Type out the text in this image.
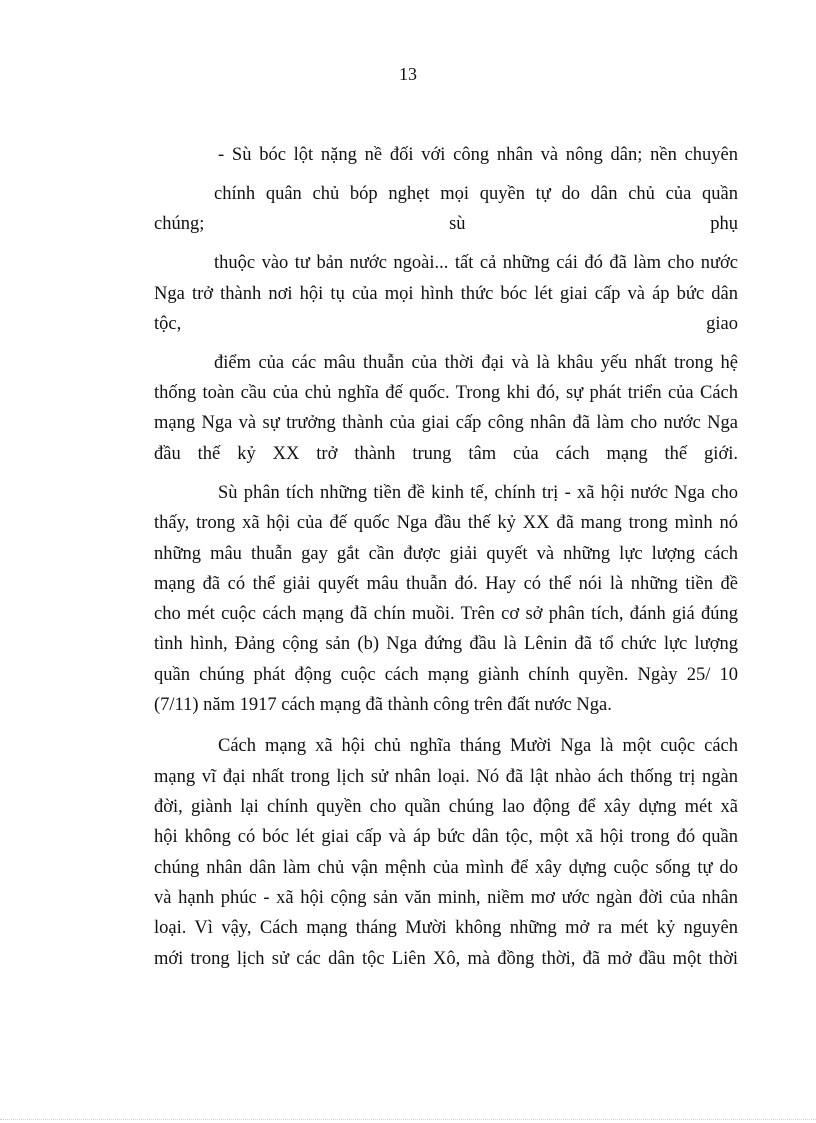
13
- Sù bóc lột nặng nề đối với công nhân và nông dân; nền chuyên
chính quân chủ bóp nghẹt mọi quyền tự do dân chủ của quần
chúng;	sù	phụ
thuộc vào tư bản nước ngoài... tất cả những cái đó đã làm cho nước
Nga trở thành nơi hội tụ của mọi hình thức bóc lét giai cấp và áp bức dân
tộc,	giao
điểm của các mâu thuẫn của thời đại và là khâu yếu nhất trong hệ
thống toàn cầu của chủ nghĩa đế quốc. Trong khi đó, sự phát triển của Cách
mạng Nga và sự trưởng thành của giai cấp công nhân đã làm cho nước Nga
đầu thế kỷ XX trở thành trung tâm của cách mạng thế giới.
Sù phân tích những tiền đề kinh tế, chính trị - xã hội nước Nga cho
thấy, trong xã hội của đế quốc Nga đầu thế kỷ XX đã mang trong mình nó
những mâu thuẫn gay gắt cần được giải quyết và những lực lượng cách
mạng đã có thể giải quyết mâu thuẫn đó. Hay có thể nói là những tiền đề
cho mét cuộc cách mạng đã chín muồi. Trên cơ sở phân tích, đánh giá đúng
tình hình, Đảng cộng sản (b) Nga đứng đầu là Lênin đã tổ chức lực lượng
quần chúng phát động cuộc cách mạng giành chính quyền. Ngày 25/ 10
(7/11) năm 1917 cách mạng đã thành công trên đất nước Nga.
Cách mạng xã hội chủ nghĩa tháng Mười Nga là một cuộc cách
mạng vĩ đại nhất trong lịch sử nhân loại. Nó đã lật nhào ách thống trị ngàn
đời, giành lại chính quyền cho quần chúng lao động để xây dựng mét xã
hội không có bóc lét giai cấp và áp bức dân tộc, một xã hội trong đó quần
chúng nhân dân làm chủ vận mệnh của mình để xây dựng cuộc sống tự do
và hạnh phúc - xã hội cộng sản văn minh, niềm mơ ước ngàn đời của nhân
loại. Vì vậy, Cách mạng tháng Mười không những mở ra mét kỷ nguyên
mới trong lịch sử các dân tộc Liên Xô, mà đồng thời, đã mở đầu một thời
